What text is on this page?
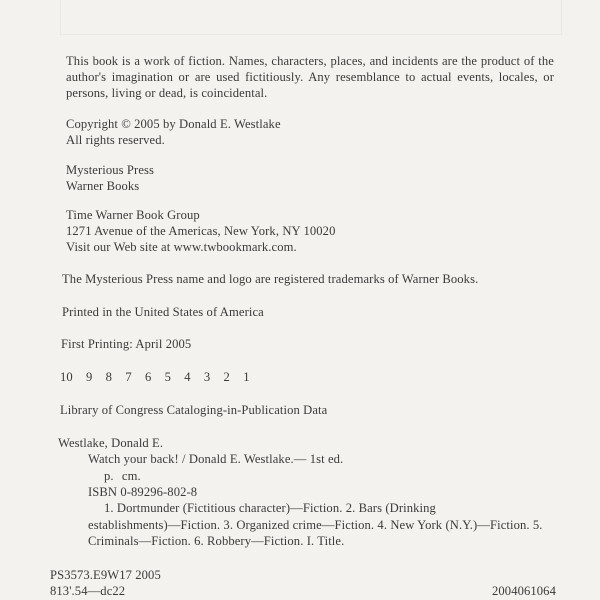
This book is a work of fiction. Names, characters, places, and incidents are the product of the author's imagination or are used fictitiously. Any resemblance to actual events, locales, or persons, living or dead, is coincidental.
Copyright © 2005 by Donald E. Westlake
All rights reserved.
Mysterious Press
Warner Books
Time Warner Book Group
1271 Avenue of the Americas, New York, NY 10020
Visit our Web site at www.twbookmark.com.
The Mysterious Press name and logo are registered trademarks of Warner Books.
Printed in the United States of America
First Printing: April 2005
10 9 8 7 6 5 4 3 2 1
Library of Congress Cataloging-in-Publication Data
Westlake, Donald E.
Watch your back! / Donald E. Westlake.— 1st ed.
p. cm.
ISBN 0-89296-802-8
1. Dortmunder (Fictitious character)—Fiction. 2. Bars (Drinking
establishments)—Fiction. 3. Organized crime—Fiction. 4. New York (N.Y.)—Fiction. 5.
Criminals—Fiction. 6. Robbery—Fiction. I. Title.
PS3573.E9W17 2005
813'.54—dc22	2004061064
